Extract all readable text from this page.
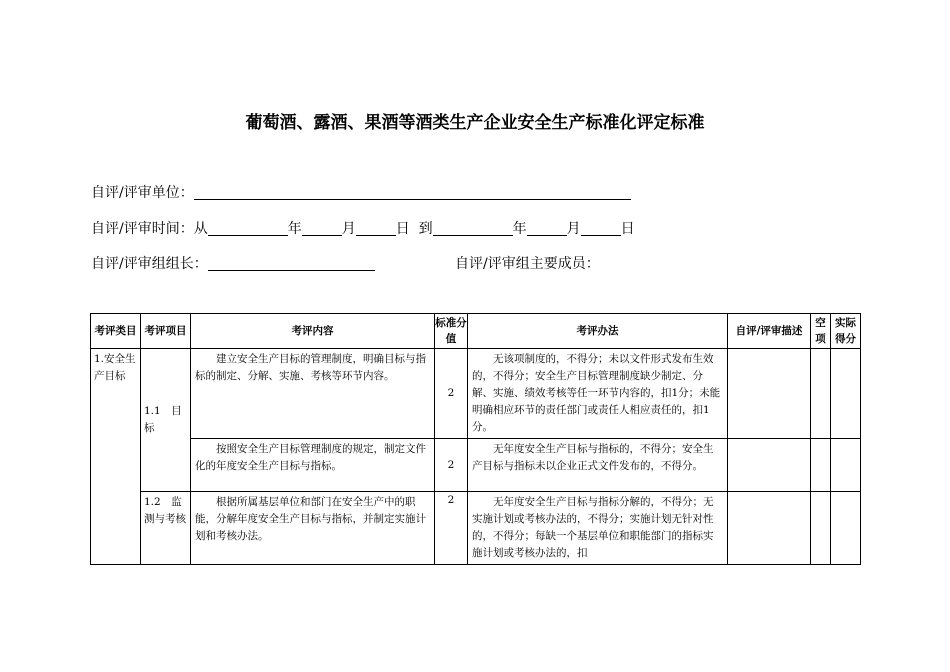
葡萄酒、露酒、果酒等酒类生产企业安全生产标准化评定标准
自评/评审单位：
自评/评审时间：从	年	月	日 到	年	月	日
自评/评审组组长：	自评/评审组主要成员：
考评类目	考评项目	考评内容	标准分值	考评办法	自评/评审描述	空项	实际得分
1.安全生产目标	1.1　目标	建立安全生产目标的管理制度，明确目标与指标的制定、分解、实施、考核等环节内容。	2	无该项制度的，不得分；未以文件形式发布生效的，不得分；安全生产目标管理制度缺少制定、分解、实施、绩效考核等任一环节内容的，扣1分；未能明确相应环节的责任部门或责任人相应责任的，扣1分。			
		按照安全生产目标管理制度的规定，制定文件化的年度安全生产目标与指标。	2	无年度安全生产目标与指标的，不得分；安全生产目标与指标未以企业正式文件发布的，不得分。			
	1.2　监测与考核	根据所属基层单位和部门在安全生产中的职能，分解年度安全生产目标与指标，并制定实施计划和考核办法。	2	无年度安全生产目标与指标分解的，不得分；无实施计划或考核办法的，不得分；实施计划无针对性的，不得分；每缺一个基层单位和职能部门的指标实施计划或考核办法的，扣			
